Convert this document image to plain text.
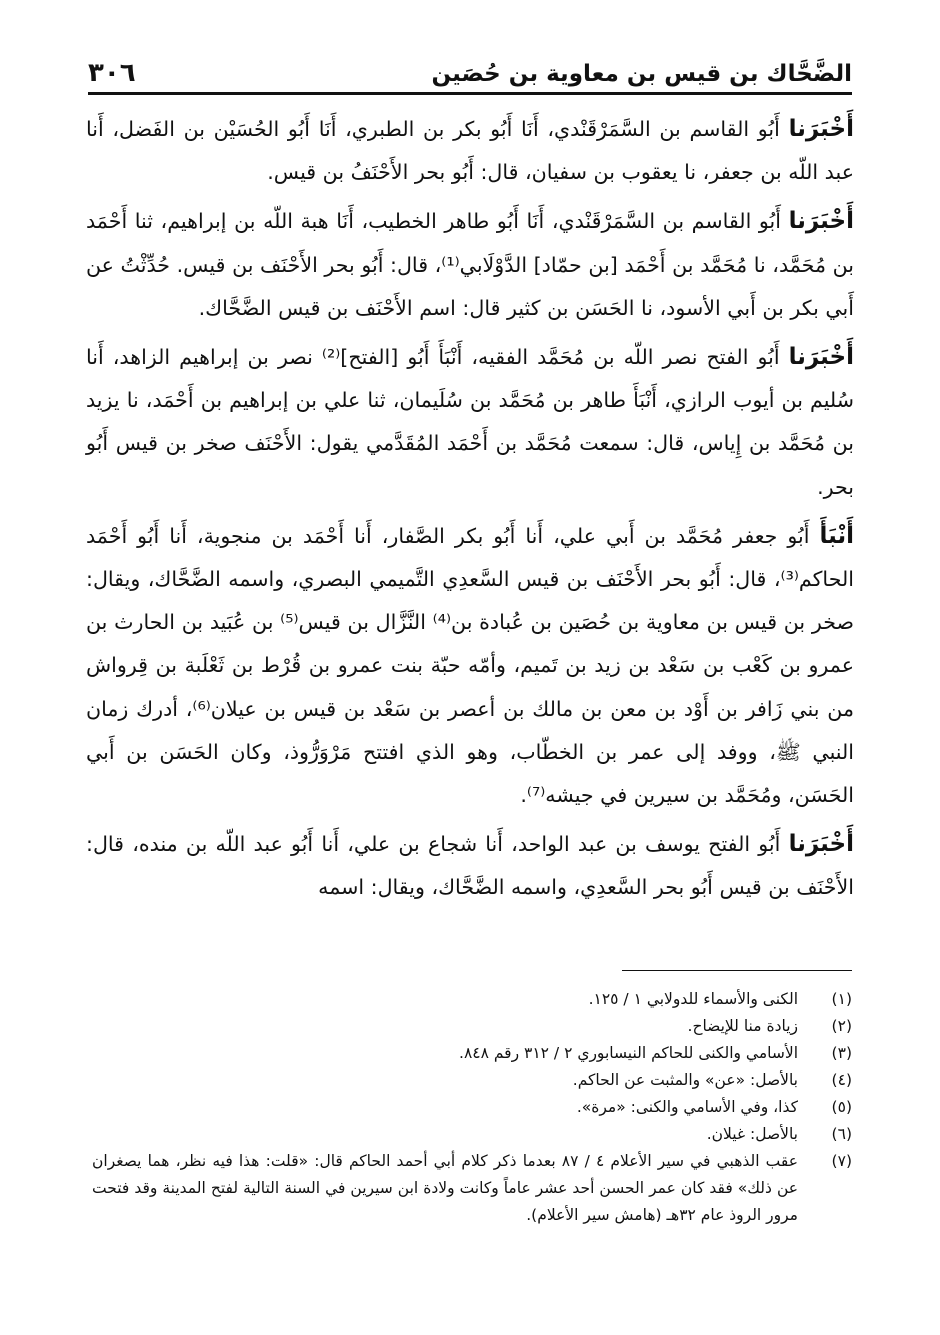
الضَّحَّاك بن قيس بن معاوية بن حُصَين
٣٠٦

أَخْبَرَنا أَبُو القاسم بن السَّمَرْقَنْدي، أَنَا أَبُو بكر بن الطبري، أَنَا أَبُو الحُسَيْن بن الفَضل، أَنا عبد اللّه بن جعفر، نا يعقوب بن سفيان، قال: أَبُو بحر الأَحْنَفُ بن قيس.

أَخْبَرَنا أَبُو القاسم بن السَّمَرْقَنْدي، أَنَا أَبُو طاهر الخطيب، أَنَا هبة اللّه بن إبراهيم، ثنا أَحْمَد بن مُحَمَّد، نا مُحَمَّد بن أَحْمَد [بن حمّاد] الدَّوْلَابي⁽¹⁾، قال: أَبُو بحر الأَحْنَف بن قيس. حُدِّثْتُ عن أَبي بكر بن أَبي الأسود، نا الحَسَن بن كثير قال: اسم الأَحْنَف بن قيس الضَّحَّاك.

أَخْبَرَنا أَبُو الفتح نصر اللّه بن مُحَمَّد الفقيه، أَنْبَأَ أَبُو [الفتح]⁽²⁾ نصر بن إبراهيم الزاهد، أَنا سُليم بن أيوب الرازي، أَنْبَأَ طاهر بن مُحَمَّد بن سُلَيمان، ثنا علي بن إبراهيم بن أَحْمَد، نا يزيد بن مُحَمَّد بن إِياس، قال: سمعت مُحَمَّد بن أَحْمَد المُقَدَّمي يقول: الأَحْنَف صخر بن قيس أَبُو بحر.

أَنْبَأَ أَبُو جعفر مُحَمَّد بن أَبي علي، أَنا أَبُو بكر الصَّفار، أَنا أَحْمَد بن منجوية، أَنا أَبُو أَحْمَد الحاكم⁽³⁾، قال: أَبُو بحر الأَحْنَف بن قيس السَّعدِي التَّميمي البصري، واسمه الضَّحَّاك، ويقال: صخر بن قيس بن معاوية بن حُصَين بن عُبادة بن⁽⁴⁾ النَّزَّال بن قيس⁽⁵⁾ بن عُبَيد بن الحارث بن عمرو بن كَعْب بن سَعْد بن زيد بن تَميم، وأمّه حبّة بنت عمرو بن قُرْط بن ثَعْلَبة بن قِرواش من بني زَافر بن أَوْد بن معن بن مالك بن أعصر بن سَعْد بن قيس بن عيلان⁽⁶⁾، أدرك زمان النبي ﷺ، ووفد إلى عمر بن الخطّاب، وهو الذي افتتح مَرْوَرُّوذ، وكان الحَسَن بن أَبي الحَسَن، ومُحَمَّد بن سيرين في جيشه⁽⁷⁾.

أَخْبَرَنا أَبُو الفتح يوسف بن عبد الواحد، أَنا شجاع بن علي، أَنا أَبُو عبد اللّه بن منده، قال: الأَحْنَف بن قيس أَبُو بحر السَّعدِي، واسمه الضَّحَّاك، ويقال: اسمه

(١)
الكنى والأسماء للدولابي ١ / ١٢٥.
(٢)
زيادة منا للإيضاح.
(٣)
الأسامي والكنى للحاكم النيسابوري ٢ / ٣١٢ رقم ٨٤٨.
(٤)
بالأصل: «عن» والمثبت عن الحاكم.
(٥)
كذا، وفي الأسامي والكنى: «مرة».
(٦)
بالأصل: غيلان.
(٧)
عقب الذهبي في سير الأعلام ٤ / ٨٧ بعدما ذكر كلام أبي أحمد الحاكم قال: «قلت: هذا فيه نظر، هما يصغران عن ذلك» فقد كان عمر الحسن أحد عشر عاماً وكانت ولادة ابن سيرين في السنة التالية لفتح المدينة وقد فتحت مرور الروذ عام ٣٢هـ (هامش سير الأعلام).
